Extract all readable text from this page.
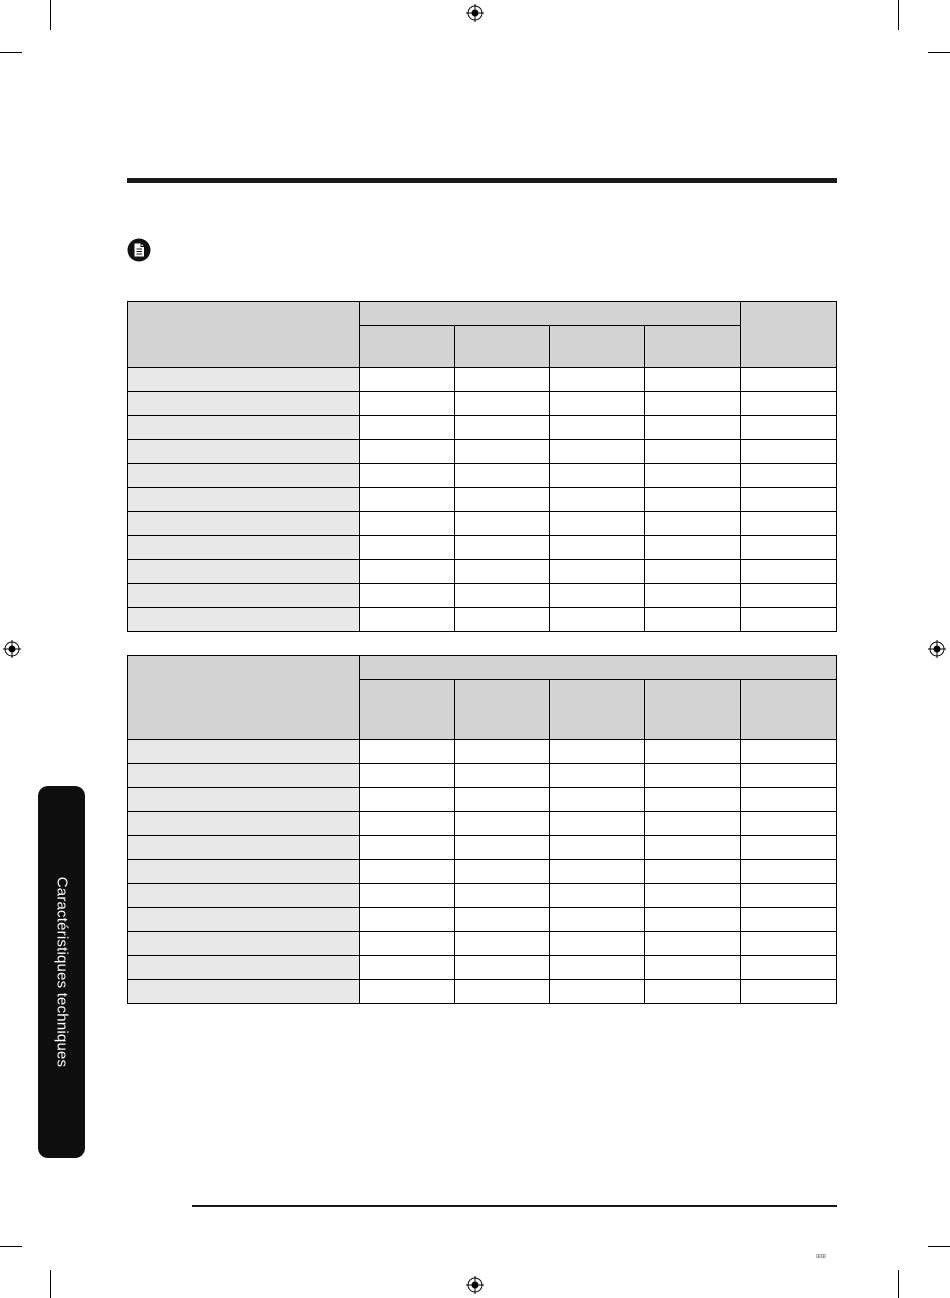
Caractéristiques techniques
⊞⊞
